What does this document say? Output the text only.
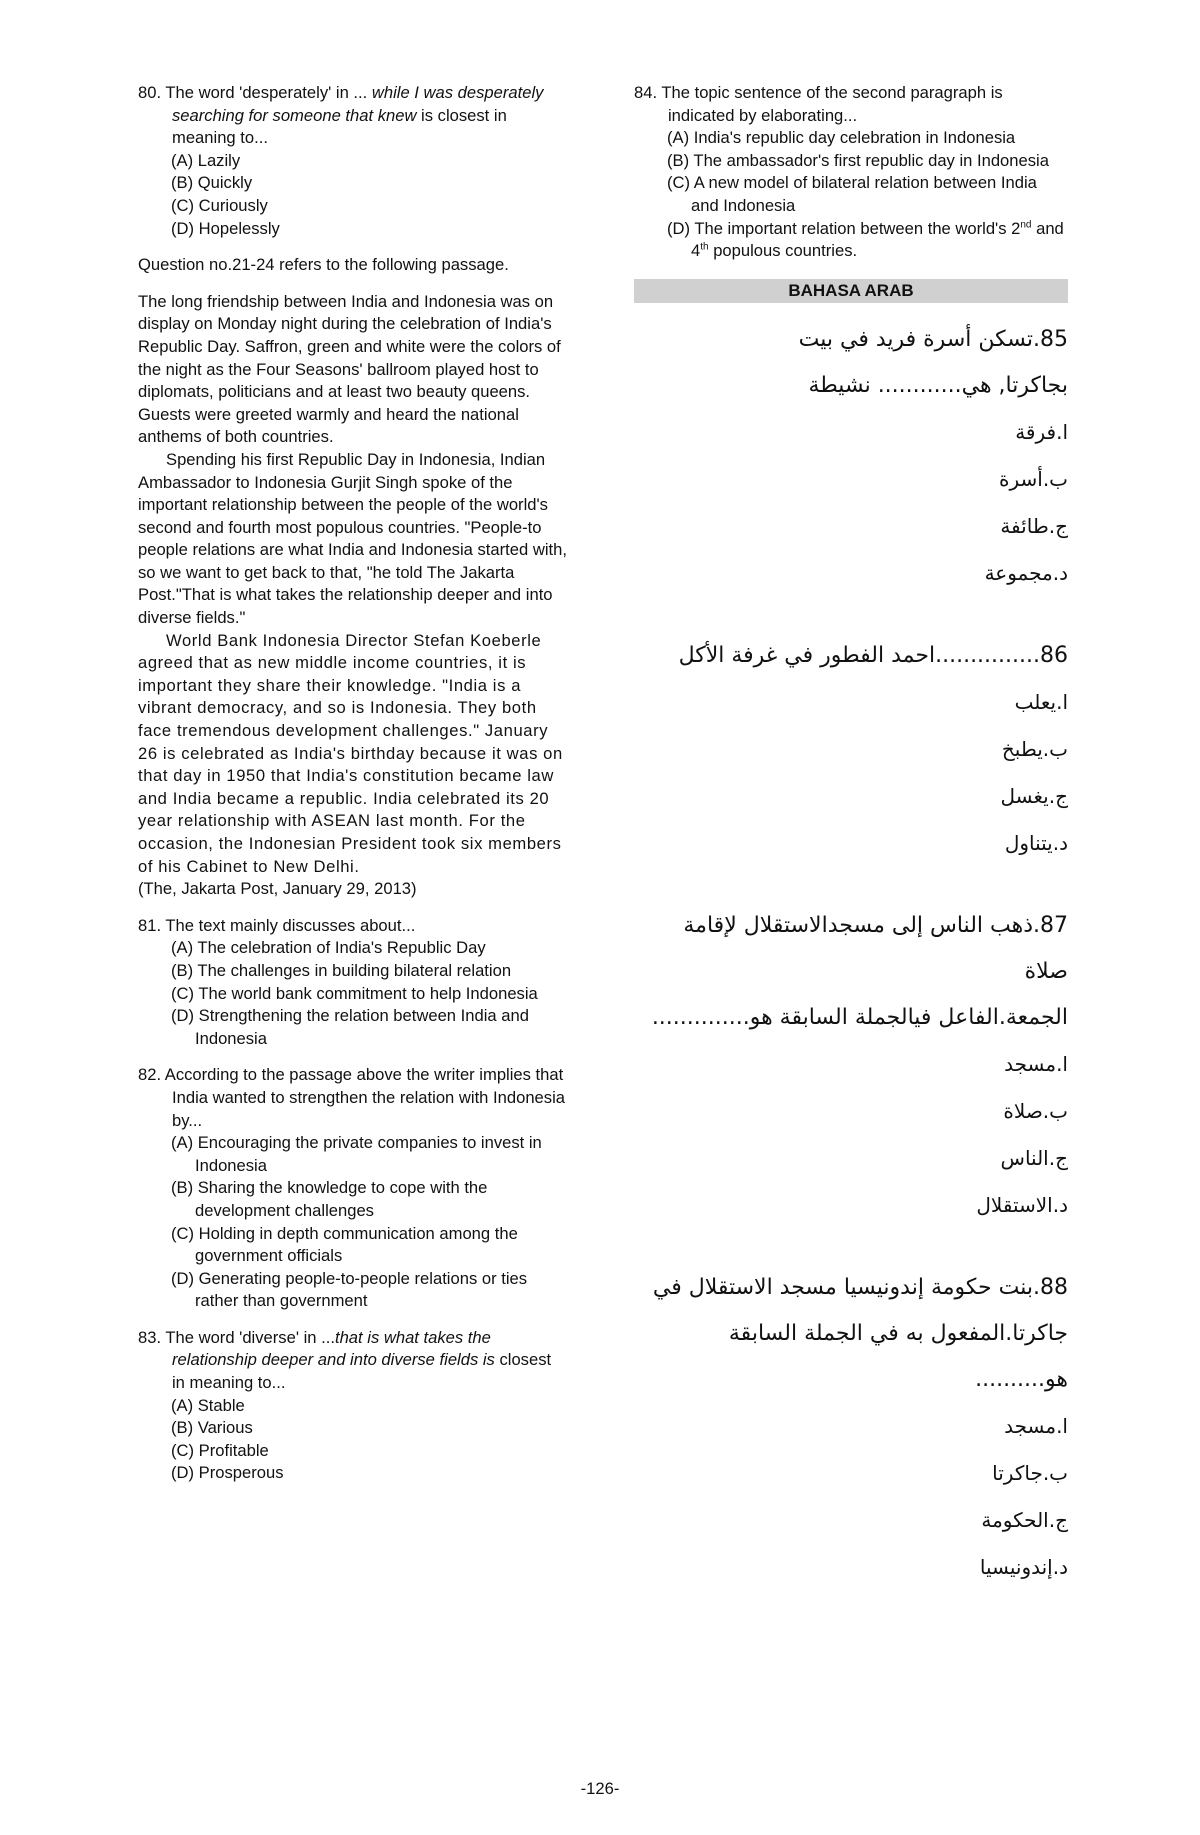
80. The word 'desperately' in ... while I was desperately searching for someone that knew is closest in meaning to...
(A) Lazily
(B) Quickly
(C) Curiously
(D) Hopelessly
Question no.21-24 refers to the following passage.

The long friendship between India and Indonesia was on display on Monday night during the celebration of India's Republic Day. Saffron, green and white were the colors of the night as the Four Seasons' ballroom played host to diplomats, politicians and at least two beauty queens. Guests were greeted warmly and heard the national anthems of both countries.

Spending his first Republic Day in Indonesia, Indian Ambassador to Indonesia Gurjit Singh spoke of the important relationship between the people of the world's second and fourth most populous countries. "People-to people relations are what India and Indonesia started with, so we want to get back to that, "he told The Jakarta Post."That is what takes the relationship deeper and into diverse fields."

World Bank Indonesia Director Stefan Koeberle agreed that as new middle income countries, it is important they share their knowledge. "India is a vibrant democracy, and so is Indonesia. They both face tremendous development challenges." January 26 is celebrated as India's birthday because it was on that day in 1950 that India's constitution became law and India became a republic. India celebrated its 20 year relationship with ASEAN last month. For the occasion, the Indonesian President took six members of his Cabinet to New Delhi.

(The, Jakarta Post, January 29, 2013)

81. The text mainly discusses about...
(A) The celebration of India's Republic Day
(B) The challenges in building bilateral relation
(C) The world bank commitment to help Indonesia
(D) Strengthening the relation between India and Indonesia
82. According to the passage above the writer implies that India wanted to strengthen the relation with Indonesia by...
(A) Encouraging the private companies to invest in Indonesia
(B) Sharing the knowledge to cope with the development challenges
(C) Holding in depth communication among the government officials
(D) Generating people-to-people relations or ties rather than government
83. The word 'diverse' in ...that is what takes the relationship deeper and into diverse fields is closest in meaning to...
(A) Stable
(B) Various
(C) Profitable
(D) Prosperous
84. The topic sentence of the second paragraph is indicated by elaborating...
(A) India's republic day celebration in Indonesia
(B) The ambassador's first republic day in Indonesia
(C) A new model of bilateral relation between India and Indonesia
(D) The important relation between the world's 2nd and 4th populous countries.
BAHASA ARAB
85.تسكن أسرة فريد في بيت
بجاكرتا, هي............ نشيطة
ا.فرقة
ب.أسرة
ج.طائفة
د.مجموعة
86...............احمد الفطور في غرفة الأكل
ا.يعلب
ب.يطبخ
ج.يغسل
د.يتناول
87.ذهب الناس إلى مسجدالاستقلال لإقامة صلاة
الجمعة.الفاعل فيالجملة السابقة هو..............
ا.مسجد
ب.صلاة
ج.الناس
د.الاستقلال
88.بنت حكومة إندونيسيا مسجد الاستقلال في
جاكرتا.المفعول به في الجملة السابقة هو..........
ا.مسجد
ب.جاكرتا
ج.الحكومة
د.إندونيسيا
-126-
